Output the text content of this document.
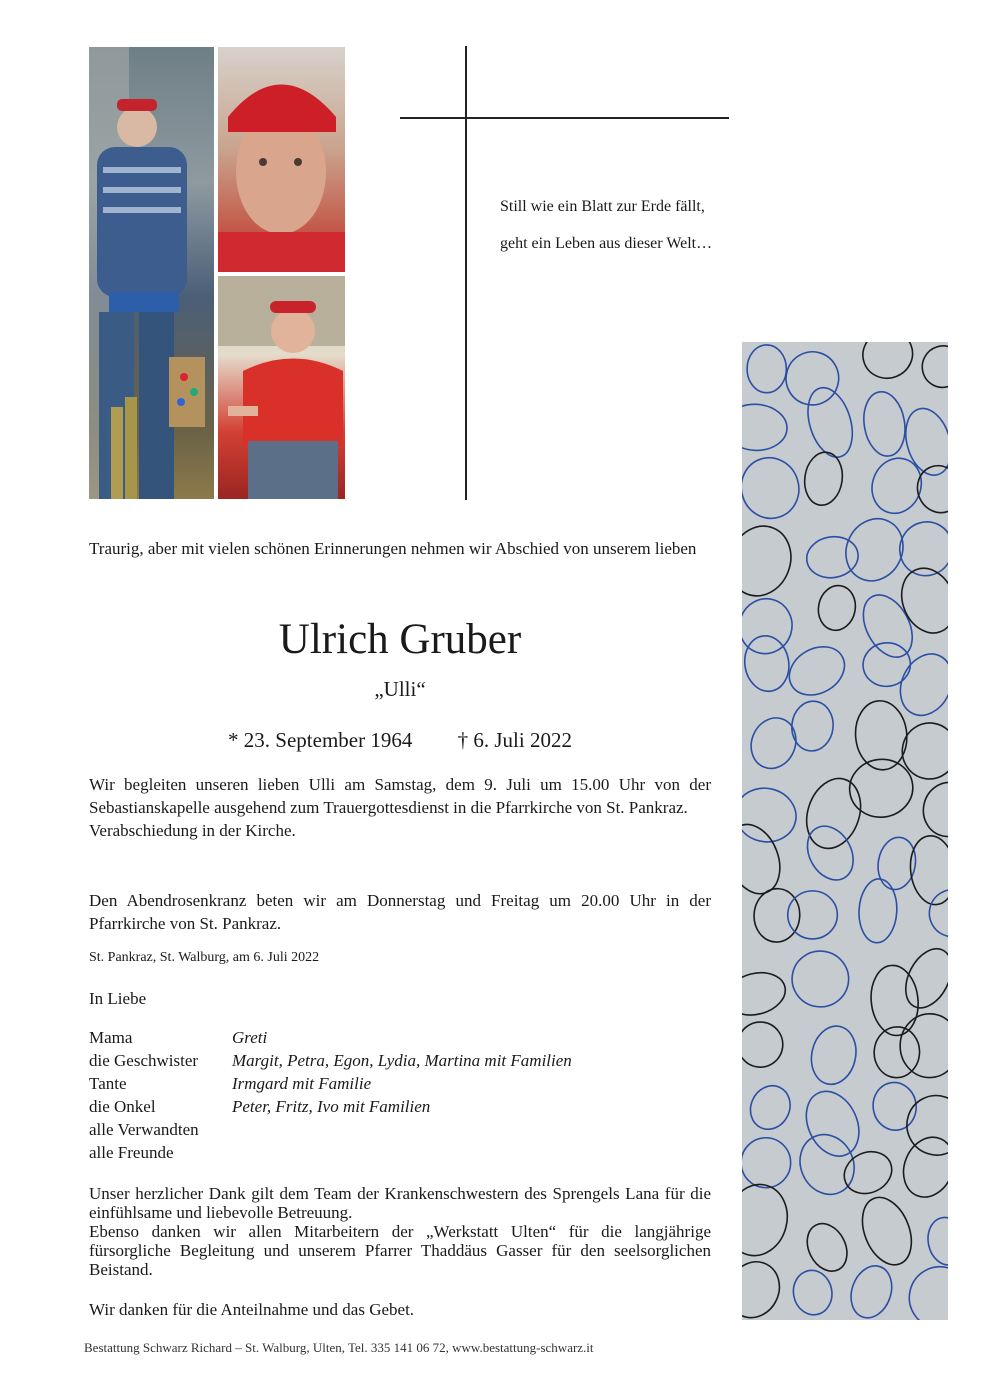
Still wie ein Blatt zur Erde fällt,
geht ein Leben aus dieser Welt…
Traurig, aber mit vielen schönen Erinnerungen nehmen wir Abschied von unserem lieben
Ulrich Gruber
„Ulli“
* 23. September 1964 † 6. Juli 2022
Wir begleiten unseren lieben Ulli am Samstag, dem 9. Juli um 15.00 Uhr von der Sebastianskapelle ausgehend zum Trauergottesdienst in die Pfarrkirche von St. Pankraz.
Verabschiedung in der Kirche.
Den Abendrosenkranz beten wir am Donnerstag und Freitag um 20.00 Uhr in der Pfarrkirche von St. Pankraz.
St. Pankraz, St. Walburg, am 6. Juli 2022
In Liebe
Mama	Greti
die Geschwister	Margit, Petra, Egon, Lydia, Martina mit Familien
Tante	Irmgard mit Familie
die Onkel	Peter, Fritz, Ivo mit Familien
alle Verwandten
alle Freunde

Unser herzlicher Dank gilt dem Team der Krankenschwestern des Sprengels Lana für die einfühlsame und liebevolle Betreuung.

Ebenso danken wir allen Mitarbeitern der „Werkstatt Ulten“ für die langjährige fürsorgliche Begleitung und unserem Pfarrer Thaddäus Gasser für den seelsorglichen Beistand.

Wir danken für die Anteilnahme und das Gebet.
Bestattung Schwarz Richard – St. Walburg, Ulten, Tel. 335 141 06 72, www.bestattung-schwarz.it
